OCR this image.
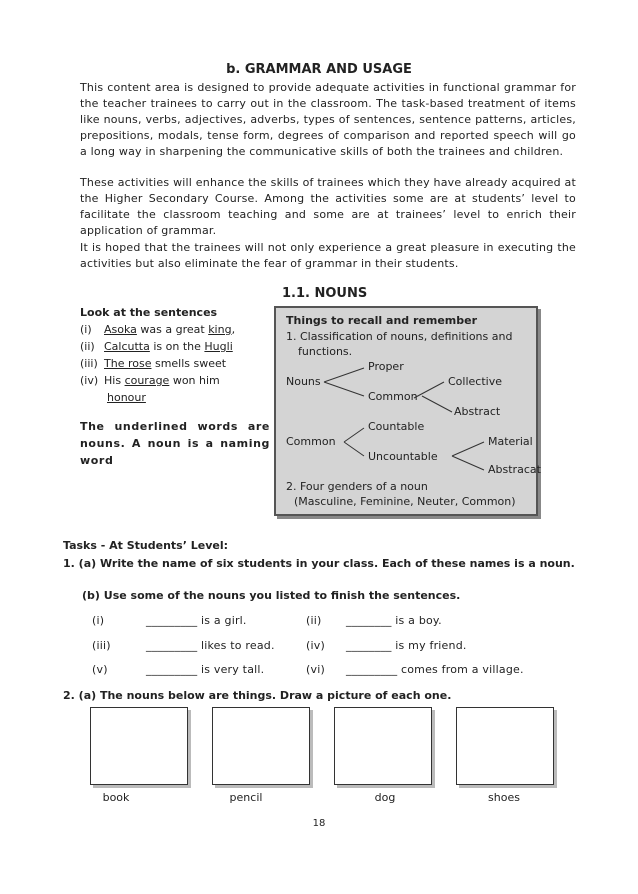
b. GRAMMAR AND USAGE
This content area is designed to provide adequate activities in functional grammar for the teacher trainees to carry out in the classroom. The task-based treatment of items like nouns, verbs, adjectives, adverbs, types of sentences, sentence patterns, articles, prepositions, modals, tense form, degrees of comparison and reported speech will go a long way in sharpening the communicative skills of both the trainees and children.
These activities will enhance the skills of trainees which they have already acquired at the Higher Secondary Course. Among the activities some are at students’ level to facilitate the classroom teaching and some are at trainees’ level to enrich their application of grammar.
It is hoped that the trainees will not only experience a great pleasure in executing the activities but also eliminate the fear of grammar in their students.
1.1. NOUNS
Look at the sentences
(i)	Asoka was a great king,
(ii) Calcutta is on the Hugli
(iii) The rose smells sweet
(iv) His courage won him
honour
The underlined words are nouns. A noun is a naming word
Things to recall and remember
1. Classification of nouns, definitions and
functions.
Proper
Nouns
Common
Collective
Abstract
Countable
Common
Uncountable
Material
Abstracat
2. Four genders of a noun
(Masculine, Feminine, Neuter, Common)
Tasks - At Students’ Level:
1. (a) Write the name of six students in your class. Each of these names is a noun.
(b) Use some of the nouns you listed to finish the sentences.
(i)	_________ is a girl.	(ii) ________ is a boy.
(iii)	_________ likes to read.	(iv) ________ is my friend.
(v)	_________ is very tall.	(vi) _________ comes from a village.
2. (a) The nouns below are things. Draw a picture of each one.
book	pencil	dog	shoes
18
